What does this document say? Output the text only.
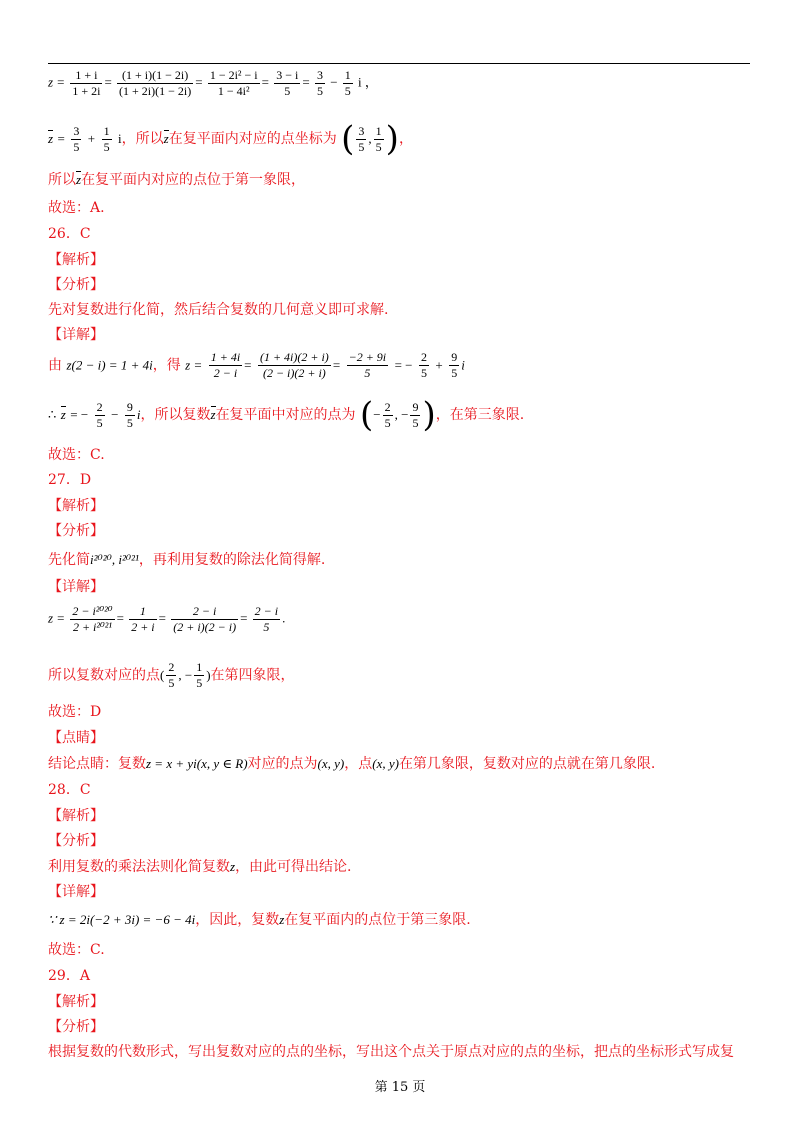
$z = \frac{1 + i}{1 + 2i} = \frac{(1 + i)(1 - 2i)}{(1 + 2i)(1 - 2i)} = \frac{\text{1 − 2i² − i}}{\text{1 − 4i²}} = \frac{3 - i}{5} = \frac{3}{5} - \frac{1}{5}$ i ，
$z = \frac{3}{5} + \frac{1}{5}$ i，所以z在复平面内对应的点坐标为 ( $\frac{3}{5}$ , $\frac{1}{5}$ )，
所以z在复平面内对应的点位于第一象限，
故选：A.
26．C
【解析】
【分析】
先对复数进行化简，然后结合复数的几何意义即可求解.
【详解】
由 z(2 − i) = 1 + 4i，得 $z = \frac{1 + 4i}{2 - i} = \frac{(1 + 4i)(2 + i)}{(2 - i)(2 + i)} = \frac{-2 + 9i}{5}$ = − $\frac{2}{5} + \frac{9}{5}$ i
∴ z = − $\frac{2}{5} - \frac{9}{5}$ i，所以复数z在复平面中对应的点为 (− $\frac{2}{5}$ , − $\frac{9}{5}$ )，在第三象限.
故选：C.
27．D
【解析】
【分析】
先化简i²⁰²⁰, i²⁰²¹，再利用复数的除法化简得解.
【详解】
$z = \frac{\text{2 − i²⁰²⁰}}{\text{2 + i²⁰²¹}} = \frac{1}{2 + i} = \frac{2 - i}{(2 + i)(2 - i)} = \frac{2 - i}{5}$ .
所以复数对应的点( $\frac{2}{5}$ , − $\frac{1}{5}$ )在第四象限，
故选：D
【点睛】
结论点睛：复数z = x + yi(x, y ∈ R)对应的点为(x, y)，点(x, y)在第几象限，复数对应的点就在第几象限.
28．C
【解析】
【分析】
利用复数的乘法法则化简复数z，由此可得出结论.
【详解】
∵ z = 2i(−2 + 3i) = −6 − 4i，因此，复数z在复平面内的点位于第三象限.
故选：C.
29．A
【解析】
【分析】
根据复数的代数形式，写出复数对应的点的坐标，写出这个点关于原点对应的点的坐标，把点的坐标形式写成复
第 15 页
